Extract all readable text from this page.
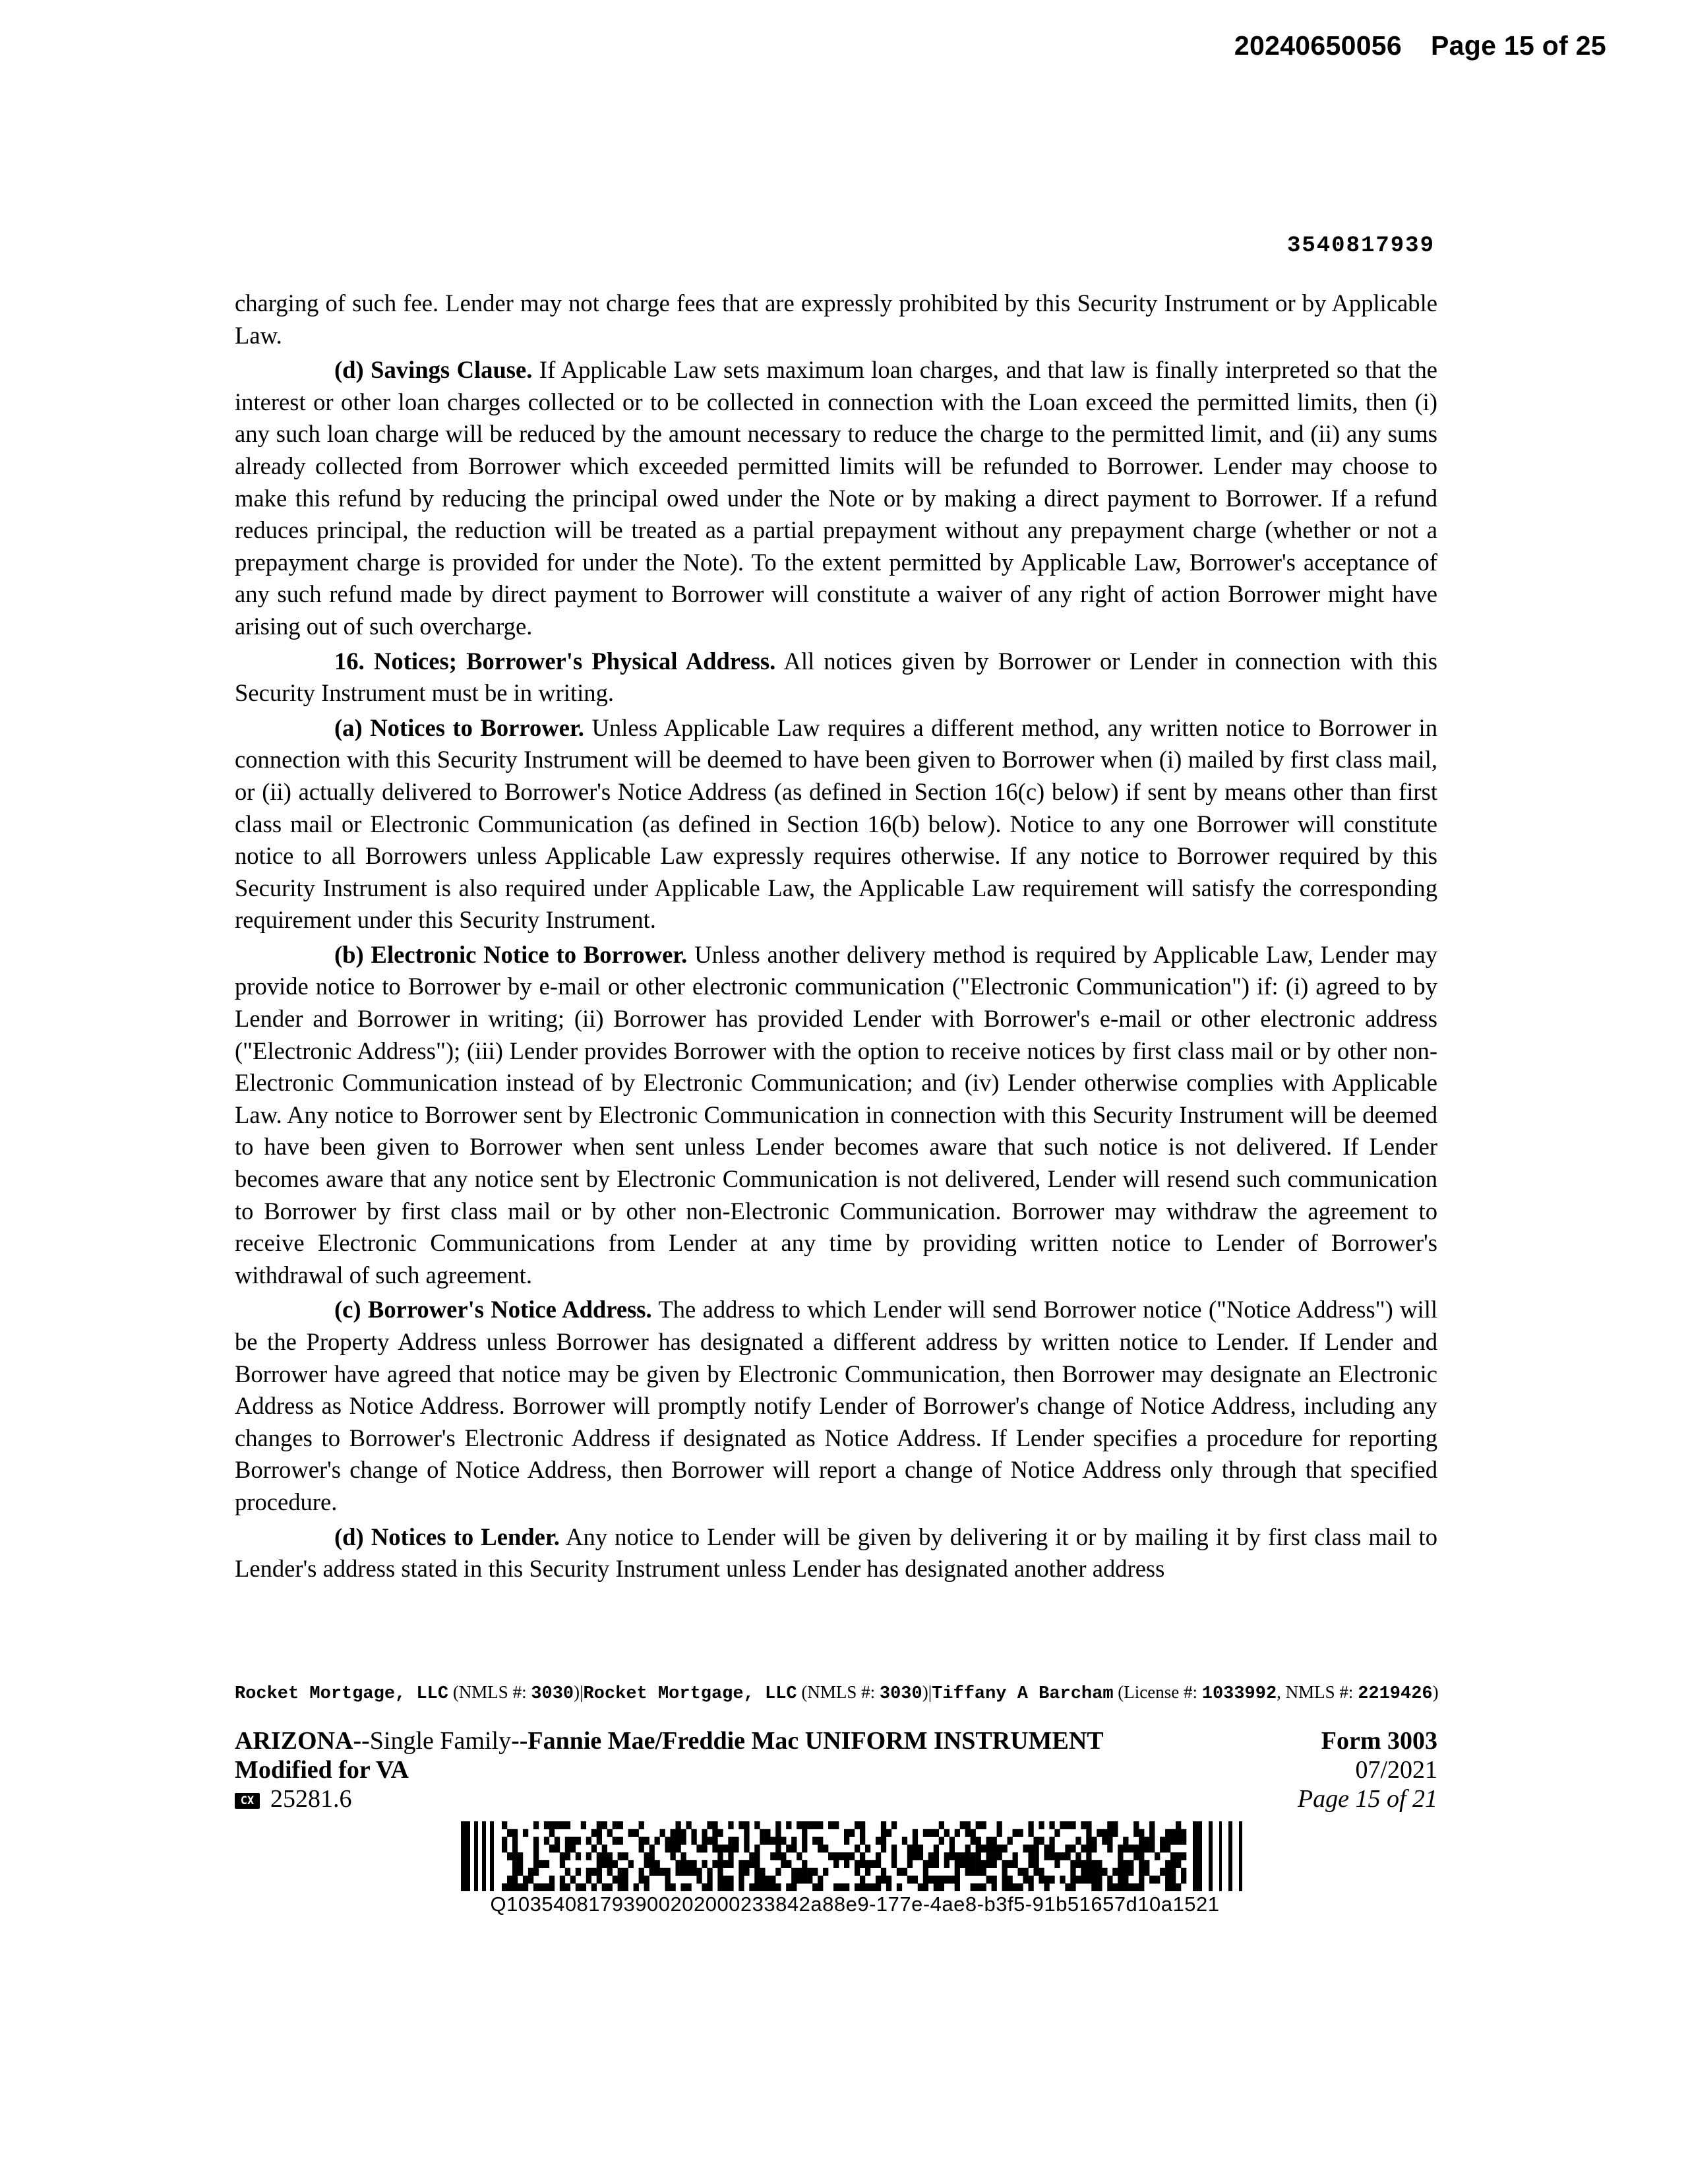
20240650056 Page 15 of 25
3540817939

charging of such fee. Lender may not charge fees that are expressly prohibited by this Security Instrument or by Applicable Law.

(d) Savings Clause. If Applicable Law sets maximum loan charges, and that law is finally interpreted so that the interest or other loan charges collected or to be collected in connection with the Loan exceed the permitted limits, then (i) any such loan charge will be reduced by the amount necessary to reduce the charge to the permitted limit, and (ii) any sums already collected from Borrower which exceeded permitted limits will be refunded to Borrower. Lender may choose to make this refund by reducing the principal owed under the Note or by making a direct payment to Borrower. If a refund reduces principal, the reduction will be treated as a partial prepayment without any prepayment charge (whether or not a prepayment charge is provided for under the Note). To the extent permitted by Applicable Law, Borrower's acceptance of any such refund made by direct payment to Borrower will constitute a waiver of any right of action Borrower might have arising out of such overcharge.

16. Notices; Borrower's Physical Address. All notices given by Borrower or Lender in connection with this Security Instrument must be in writing.

(a) Notices to Borrower. Unless Applicable Law requires a different method, any written notice to Borrower in connection with this Security Instrument will be deemed to have been given to Borrower when (i) mailed by first class mail, or (ii) actually delivered to Borrower's Notice Address (as defined in Section 16(c) below) if sent by means other than first class mail or Electronic Communication (as defined in Section 16(b) below). Notice to any one Borrower will constitute notice to all Borrowers unless Applicable Law expressly requires otherwise. If any notice to Borrower required by this Security Instrument is also required under Applicable Law, the Applicable Law requirement will satisfy the corresponding requirement under this Security Instrument.

(b) Electronic Notice to Borrower. Unless another delivery method is required by Applicable Law, Lender may provide notice to Borrower by e-mail or other electronic communication ("Electronic Communication") if: (i) agreed to by Lender and Borrower in writing; (ii) Borrower has provided Lender with Borrower's e-mail or other electronic address ("Electronic Address"); (iii) Lender provides Borrower with the option to receive notices by first class mail or by other non-Electronic Communication instead of by Electronic Communication; and (iv) Lender otherwise complies with Applicable Law. Any notice to Borrower sent by Electronic Communication in connection with this Security Instrument will be deemed to have been given to Borrower when sent unless Lender becomes aware that such notice is not delivered. If Lender becomes aware that any notice sent by Electronic Communication is not delivered, Lender will resend such communication to Borrower by first class mail or by other non-Electronic Communication. Borrower may withdraw the agreement to receive Electronic Communications from Lender at any time by providing written notice to Lender of Borrower's withdrawal of such agreement.

(c) Borrower's Notice Address. The address to which Lender will send Borrower notice ("Notice Address") will be the Property Address unless Borrower has designated a different address by written notice to Lender. If Lender and Borrower have agreed that notice may be given by Electronic Communication, then Borrower may designate an Electronic Address as Notice Address. Borrower will promptly notify Lender of Borrower's change of Notice Address, including any changes to Borrower's Electronic Address if designated as Notice Address. If Lender specifies a procedure for reporting Borrower's change of Notice Address, then Borrower will report a change of Notice Address only through that specified procedure.

(d) Notices to Lender. Any notice to Lender will be given by delivering it or by mailing it by first class mail to Lender's address stated in this Security Instrument unless Lender has designated another address

Rocket Mortgage, LLC (NMLS #: 3030)|Rocket Mortgage, LLC (NMLS #: 3030)|Tiffany A Barcham (License #: 1033992, NMLS #: 2219426)
ARIZONA--Single Family--Fannie Mae/Freddie Mac UNIFORM INSTRUMENT	Form 3003
Modified for VA	07/2021
CX 25281.6	Page 15 of 21
Q10354081793900202000233842a88e9-177e-4ae8-b3f5-91b51657d10a1521
